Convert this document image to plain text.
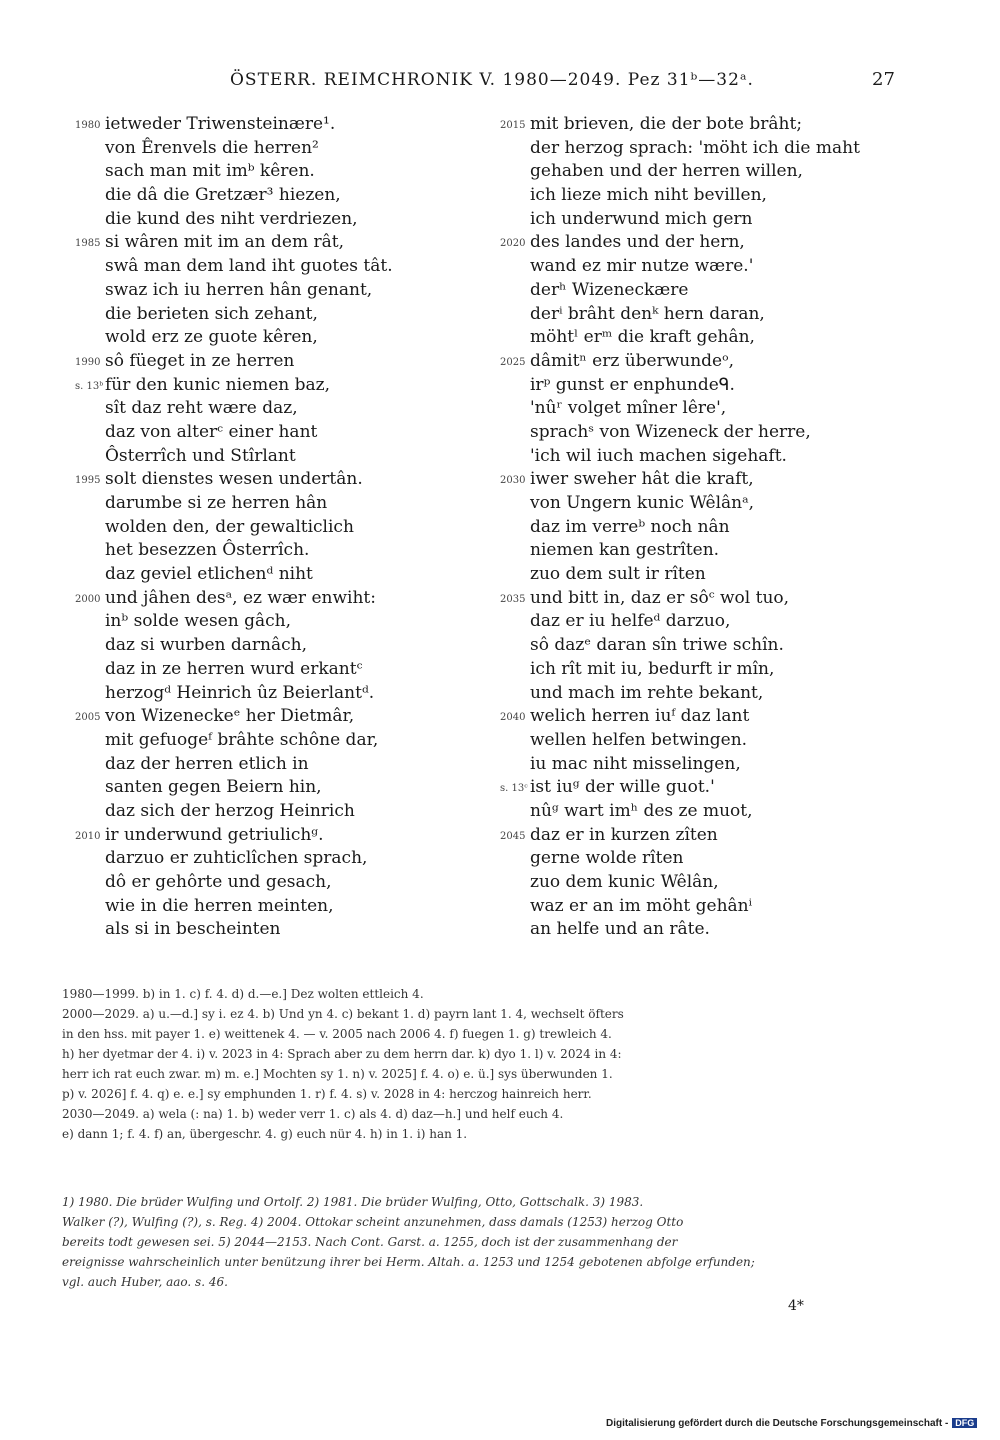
ÖSTERR. REIMCHRONIK V. 1980—2049. Pez 31ᵇ—32ᵃ.	27
1980 ietweder Triwensteinære¹.
von Êrenvels die herren²
sach man mit imᵇ kêren.
die dâ die Gretzær³ hiezen,
die kund des niht verdriezen,
1985 si wâren mit im an dem rât,
swâ man dem land iht guotes tât.
swaz ich iu herren hân genant,
die berieten sich zehant,
wold erz ze guote kêren,
1990 sô füeget in ze herren
s. 13ᵇ für den kunic niemen baz,
sît daz reht wære daz,
daz von alterᶜ einer hant
Ôsterrîch und Stîrlant
1995 solt dienstes wesen undertân.
darumbe si ze herren hân
wolden den, der gewalticlich
het besezzen Ôsterrîch.
daz geviel etlichenᵈ niht
2000 und jâhen desᵃ, ez wær enwiht:
inᵇ solde wesen gâch,
daz si wurben darnâch,
daz in ze herren wurd erkantᶜ
herzogᵈ Heinrich ûz Beierlantᵈ.
2005 von Wizeneckeᵉ her Dietmâr,
mit gefuogeᶠ brâhte schône dar,
daz der herren etlich in
santen gegen Beiern hin,
daz sich der herzog Heinrich
2010 ir underwund getriulichᵍ.
darzuo er zuhticlîchen sprach,
dô er gehôrte und gesach,
wie in die herren meinten,
als si in bescheinten
2015 mit brieven, die der bote brâht;
der herzog sprach: 'möht ich die maht
gehaben und der herren willen,
ich lieze mich niht bevillen,
ich underwund mich gern
2020 des landes und der hern,
wand ez mir nutze wære.'
derʰ Wizeneckære
derⁱ brâht denᵏ hern daran,
möhtˡ erᵐ die kraft gehân,
2025 dâmitⁿ erz überwundeᵒ,
irᵖ gunst er enphundeᑫ.
'nûʳ volget mîner lêre',
sprachˢ von Wizeneck der herre,
'ich wil iuch machen sigehaft.
2030 iwer sweher hât die kraft,
von Ungern kunic Wêlânᵃ,
daz im verreᵇ noch nân
niemen kan gestrîten.
zuo dem sult ir rîten
2035 und bitt in, daz er sôᶜ wol tuo,
daz er iu helfeᵈ darzuo,
sô dazᵉ daran sîn triwe schîn.
ich rît mit iu, bedurft ir mîn,
und mach im rehte bekant,
2040 welich herren iuᶠ daz lant
wellen helfen betwingen.
iu mac niht misselingen,
s. 13ᶜ ist iuᵍ der wille guot.'
nûᵍ wart imʰ des ze muot,
2045 daz er in kurzen zîten
gerne wolde rîten
zuo dem kunic Wêlân,
waz er an im möht gehânⁱ
an helfe und an râte.
1980—1999. b) in 1. c) f. 4. d) d.—e.] Dez wolten ettleich 4.
2000—2029. a) u.—d.] sy i. ez 4. b) Und yn 4. c) bekant 1. d) payrn lant 1. 4, wechselt öfters
in den hss. mit payer 1. e) weittenek 4. — v. 2005 nach 2006 4. f) fuegen 1. g) trewleich 4.
h) her dyetmar der 4. i) v. 2023 in 4: Sprach aber zu dem herrn dar. k) dyo 1. l) v. 2024 in 4:
herr ich rat euch zwar. m) m. e.] Mochten sy 1. n) v. 2025] f. 4. o) e. ü.] sys überwunden 1.
p) v. 2026] f. 4. q) e. e.] sy emphunden 1. r) f. 4. s) v. 2028 in 4: herczog hainreich herr.
2030—2049. a) wela (: na) 1. b) weder verr 1. c) als 4. d) daz—h.] und helf euch 4.
e) dann 1; f. 4. f) an, übergeschr. 4. g) euch nür 4. h) in 1. i) han 1.
1) 1980. Die brüder Wulfing und Ortolf. 2) 1981. Die brüder Wulfing, Otto, Gottschalk. 3) 1983.
Walker (?), Wulfing (?), s. Reg. 4) 2004. Ottokar scheint anzunehmen, dass damals (1253) herzog Otto
bereits todt gewesen sei. 5) 2044—2153. Nach Cont. Garst. a. 1255, doch ist der zusammenhang der
ereignisse wahrscheinlich unter benützung ihrer bei Herm. Altah. a. 1253 und 1254 gebotenen abfolge erfunden;
vgl. auch Huber, aao. s. 46.
4*
Digitalisierung gefördert durch die Deutsche Forschungsgemeinschaft - DFG
